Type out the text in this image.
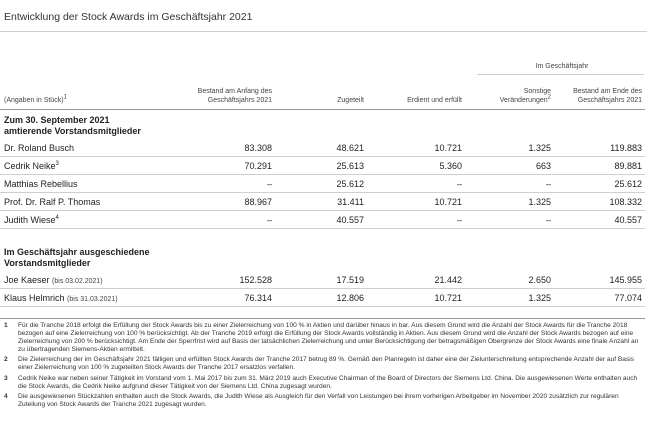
Entwicklung der Stock Awards im Geschäftsjahr 2021
Im Geschäftsjahr
(Angaben in Stück)$^1$	Bestand am Anfang des
Geschäftsjahrs 2021	Zugeteilt	Erdient und erfüllt	Sonstige
Veränderungen$^2$	Bestand am Ende des
Geschäftsjahrs 2021
Zum 30. September 2021
amtierende Vorstandsmitglieder					
Dr. Roland Busch	83.308	48.621	10.721	1.325	119.883
Cedrik Neike$^3$	70.291	25.613	5.360	663	89.881
Matthias Rebellius	–	25.612	–	–	25.612
Prof. Dr. Ralf P. Thomas	88.967	31.411	10.721	1.325	108.332
Judith Wiese$^4$	–	40.557	–	–	40.557

Im Geschäftsjahr ausgeschiedene
Vorstandsmitglieder					
Joe Kaeser (bis 03.02.2021)	152.528	17.519	21.442	2.650	145.955
Klaus Helmrich (bis 31.03.2021)	76.314	12.806	10.721	1.325	77.074
1	Für die Tranche 2018 erfolgt die Erfüllung der Stock Awards bis zu einer Zielerreichung von 100 % in Aktien und darüber hinaus in bar. Aus diesem Grund wird die Anzahl der Stock Awards für die Tranche 2018 bezogen auf eine Zielerreichung von 100 % berücksichtigt. Ab der Tranche 2019 erfolgt die Erfüllung der Stock Awards vollständig in Aktien. Aus diesem Grund wird die Anzahl der Stock Awards bezogen auf eine Zielerreichung von 200 % berücksichtigt. Am Ende der Sperrfrist wird auf Basis der tatsächlichen Zielerreichung und unter Berücksichtigung der betragsmäßigen Obergrenze der Stock Awards eine finale Anzahl an zu übertragenden Siemens-Aktien ermittelt.
2	Die Zielerreichung der im Geschäftsjahr 2021 fälligen und erfüllten Stock Awards der Tranche 2017 betrug 89 %. Gemäß den Planregeln ist daher eine der Zielunterschreitung entsprechende Anzahl der auf Basis einer Zielerreichung von 100 % zugeteilten Stock Awards der Tranche 2017 ersatzlos verfallen.
3	Cedrik Neike war neben seiner Tätigkeit im Vorstand vom 1. Mai 2017 bis zum 31. März 2019 auch Executive Chairman of the Board of Directors der Siemens Ltd. China. Die ausgewiesenen Werte enthalten auch die Stock Awards, die Cedrik Neike aufgrund dieser Tätigkeit von der Siemens Ltd. China zugesagt wurden.
4	Die ausgewiesenen Stückzahlen enthalten auch die Stock Awards, die Judith Wiese als Ausgleich für den Verfall von Leistungen bei ihrem vorherigen Arbeitgeber im November 2020 zusätzlich zur regulären Zuteilung von Stock Awards der Tranche 2021 zugesagt wurden.
